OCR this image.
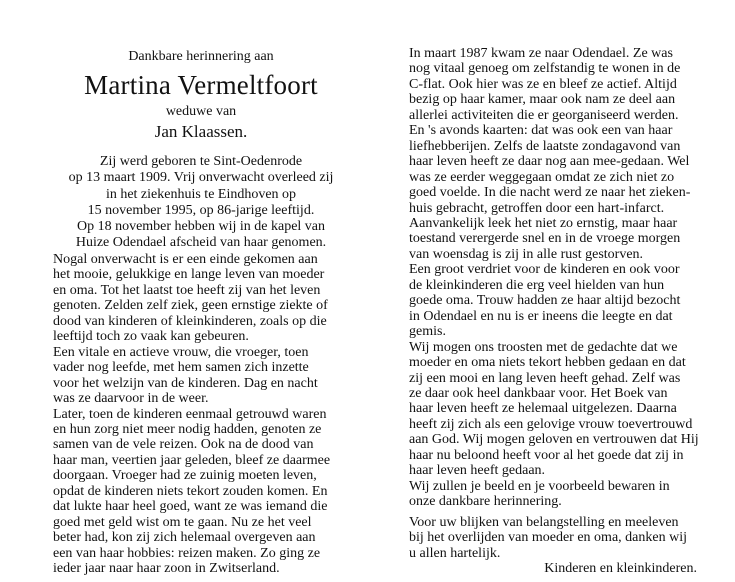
Dankbare herinnering aan
Martina Vermeltfoort
weduwe van
Jan Klaassen.
Zij werd geboren te Sint-Oedenrode
op 13 maart 1909. Vrij onverwacht overleed zij
in het ziekenhuis te Eindhoven op
15 november 1995, op 86-jarige leeftijd.
Op 18 november hebben wij in de kapel van
Huize Odendael afscheid van haar genomen.
Nogal onverwacht is er een einde gekomen aan
het mooie, gelukkige en lange leven van moeder
en oma. Tot het laatst toe heeft zij van het leven
genoten. Zelden zelf ziek, geen ernstige ziekte of
dood van kinderen of kleinkinderen, zoals op die
leeftijd toch zo vaak kan gebeuren.
Een vitale en actieve vrouw, die vroeger, toen
vader nog leefde, met hem samen zich inzette
voor het welzijn van de kinderen. Dag en nacht
was ze daarvoor in de weer.
Later, toen de kinderen eenmaal getrouwd waren
en hun zorg niet meer nodig hadden, genoten ze
samen van de vele reizen. Ook na de dood van
haar man, veertien jaar geleden, bleef ze daarmee
doorgaan. Vroeger had ze zuinig moeten leven,
opdat de kinderen niets tekort zouden komen. En
dat lukte haar heel goed, want ze was iemand die
goed met geld wist om te gaan. Nu ze het veel
beter had, kon zij zich helemaal overgeven aan
een van haar hobbies: reizen maken. Zo ging ze
ieder jaar naar haar zoon in Zwitserland.
In maart 1987 kwam ze naar Odendael. Ze was
nog vitaal genoeg om zelfstandig te wonen in de
C-flat. Ook hier was ze en bleef ze actief. Altijd
bezig op haar kamer, maar ook nam ze deel aan
allerlei activiteiten die er georganiseerd werden.
En 's avonds kaarten: dat was ook een van haar
liefhebberijen. Zelfs de laatste zondagavond van
haar leven heeft ze daar nog aan mee-gedaan. Wel
was ze eerder weggegaan omdat ze zich niet zo
goed voelde. In die nacht werd ze naar het zieken-
huis gebracht, getroffen door een hart-infarct.
Aanvankelijk leek het niet zo ernstig, maar haar
toestand verergerde snel en in de vroege morgen
van woensdag is zij in alle rust gestorven.
Een groot verdriet voor de kinderen en ook voor
de kleinkinderen die erg veel hielden van hun
goede oma. Trouw hadden ze haar altijd bezocht
in Odendael en nu is er ineens die leegte en dat
gemis.
Wij mogen ons troosten met de gedachte dat we
moeder en oma niets tekort hebben gedaan en dat
zij een mooi en lang leven heeft gehad. Zelf was
ze daar ook heel dankbaar voor. Het Boek van
haar leven heeft ze helemaal uitgelezen. Daarna
heeft zij zich als een gelovige vrouw toevertrouwd
aan God. Wij mogen geloven en vertrouwen dat Hij
haar nu beloond heeft voor al het goede dat zij in
haar leven heeft gedaan.
Wij zullen je beeld en je voorbeeld bewaren in
onze dankbare herinnering.
Voor uw blijken van belangstelling en meeleven
bij het overlijden van moeder en oma, danken wij
u allen hartelijk.
Kinderen en kleinkinderen.
